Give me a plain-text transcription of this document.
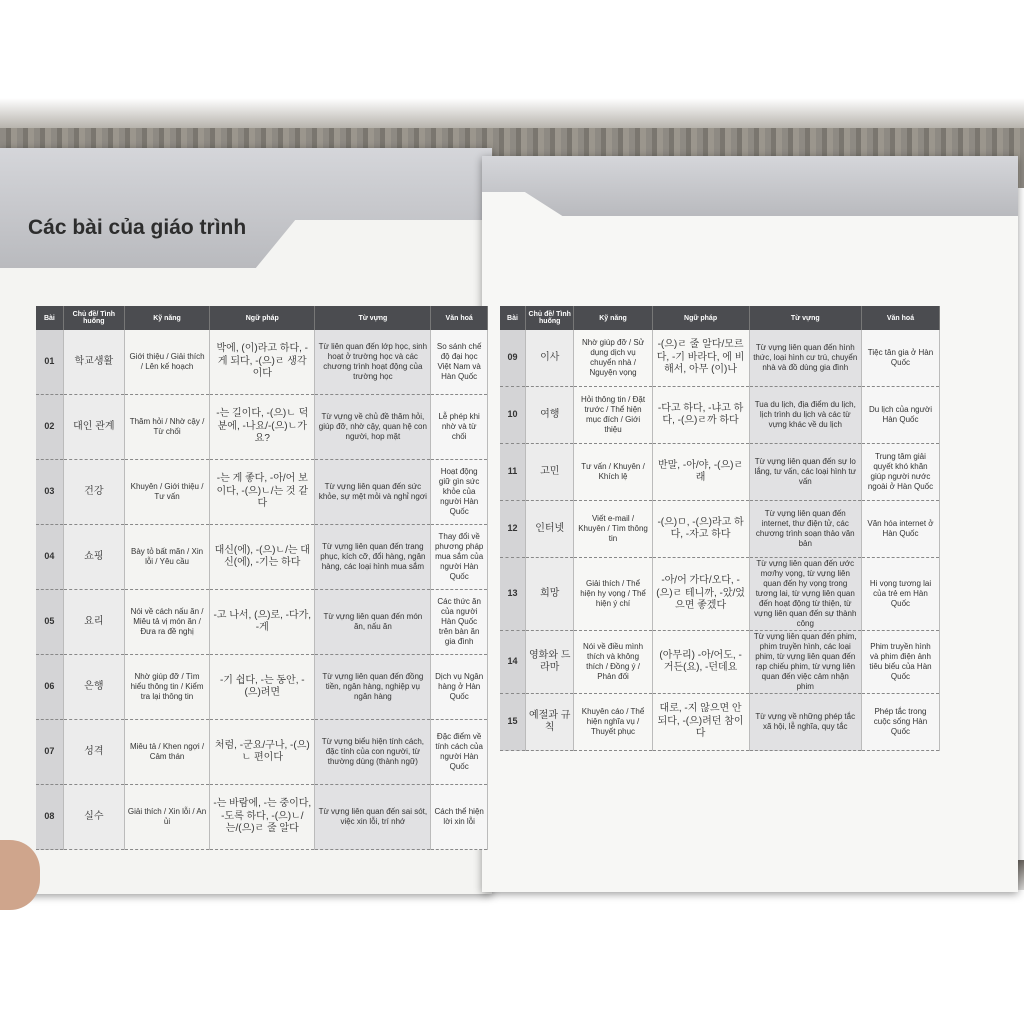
Các bài của giáo trình
Bài	Chủ đề/ Tình huống	Kỹ năng	Ngữ pháp	Từ vựng	Văn hoá
01	학교생활	Giới thiệu / Giải thích / Lên kế hoạch	박에, (이)라고 하다, -게 되다, -(으)ㄹ 생각이다	Từ liên quan đến lớp học, sinh hoạt ở trường học và các chương trình hoạt động của trường học	So sánh chế độ đại học Việt Nam và Hàn Quốc
02	대인 관계	Thăm hỏi / Nhờ cậy / Từ chối	-는 길이다, -(으)ㄴ 덕분에, -나요/-(으)ㄴ가요?	Từ vựng về chủ đề thăm hỏi, giúp đỡ, nhờ cậy, quan hệ con người, hop mặt	Lễ phép khi nhờ và từ chối
03	건강	Khuyên / Giới thiệu / Tư vấn	-는 게 좋다, -아/어 보이다, -(으)ㄴ/는 것 같다	Từ vựng liên quan đến sức khỏe, sự mệt mỏi và nghỉ ngơi	Hoạt động giữ gìn sức khỏe của người Hàn Quốc
04	쇼핑	Bày tỏ bất mãn / Xin lỗi / Yêu cầu	대신(에), -(으)ㄴ/는 대신(에), -기는 하다	Từ vựng liên quan đến trang phục, kích cỡ, đổi hàng, ngân hàng, các loại hình mua sắm	Thay đổi về phương pháp mua sắm của người Hàn Quốc
05	요리	Nói về cách nấu ăn / Miêu tả vị món ăn / Đưa ra đề nghị	-고 나서, (으)로, -다가, -게	Từ vựng liên quan đến món ăn, nấu ăn	Các thức ăn của người Hàn Quốc trên bàn ăn gia đình
06	은행	Nhờ giúp đỡ / Tìm hiểu thông tin / Kiểm tra lại thông tin	-기 쉽다, -는 동안, -(으)려면	Từ vựng liên quan đến đồng tiền, ngân hàng, nghiệp vụ ngân hàng	Dịch vụ Ngân hàng ở Hàn Quốc
07	성격	Miêu tả / Khen ngợi / Cảm thán	처럼, -군요/구나, -(으)ㄴ 편이다	Từ vựng biểu hiện tính cách, đặc tính của con người, từ thường dùng (thành ngữ)	Đặc điểm về tính cách của người Hàn Quốc
08	실수	Giải thích / Xin lỗi / An ủi	-는 바람에, -는 중이다, -도록 하다, -(으)ㄴ/는/(으)ㄹ 줄 알다	Từ vựng liên quan đến sai sót, việc xin lỗi, trí nhớ	Cách thể hiện lời xin lỗi
Bài	Chủ đề/ Tình huống	Kỹ năng	Ngữ pháp	Từ vựng	Văn hoá
09	이사	Nhờ giúp đỡ / Sử dụng dịch vụ chuyển nhà / Nguyện vọng	-(으)ㄹ 줄 알다/모르다, -기 바라다, 에 비해서, 아무 (이)나	Từ vựng liên quan đến hình thức, loại hình cư trú, chuyển nhà và đồ dùng gia đình	Tiệc tân gia ở Hàn Quốc
10	여행	Hỏi thông tin / Đặt trước / Thể hiện mục đích / Giới thiệu	-다고 하다, -냐고 하다, -(으)ㄹ까 하다	Tua du lịch, địa điểm du lịch, lịch trình du lịch và các từ vựng khác về du lịch	Du lịch của người Hàn Quốc
11	고민	Tư vấn / Khuyên / Khích lệ	반말, -아/야, -(으)ㄹ래	Từ vựng liên quan đến sự lo lắng, tư vấn, các loại hình tư vấn	Trung tâm giải quyết khó khăn giúp người nước ngoài ở Hàn Quốc
12	인터넷	Viết e-mail / Khuyên / Tìm thông tin	-(으)ㅁ, -(으)라고 하다, -자고 하다	Từ vựng liên quan đến internet, thư điện tử, các chương trình soạn thảo văn bản	Văn hóa internet ở Hàn Quốc
13	희망	Giải thích / Thể hiện hy vọng / Thể hiện ý chí	-아/어 가다/오다, -(으)ㄹ 테니까, -았/었으면 좋겠다	Từ vựng liên quan đến ước mơ/hy vọng, từ vựng liên quan đến hy vọng trong tương lai, từ vựng liên quan đến hoạt động từ thiện, từ vựng liên quan đến sự thành công	Hi vọng tương lai của trẻ em Hàn Quốc
14	영화와 드라마	Nói về điều mình thích và không thích / Đồng ý / Phản đối	(아무리) -아/어도, -거든(요), -던데요	Từ vựng liên quan đến phim, phim truyền hình, các loại phim, từ vựng liên quan đến rạp chiếu phim, từ vựng liên quan đến việc cảm nhận phim	Phim truyền hình và phim điện ảnh tiêu biểu của Hàn Quốc
15	예절과 규칙	Khuyên cáo / Thể hiện nghĩa vụ / Thuyết phục	대로, -지 않으면 안 되다, -(으)려던 참이다	Từ vựng về những phép tắc xã hội, lễ nghĩa, quy tắc	Phép tắc trong cuộc sống Hàn Quốc
